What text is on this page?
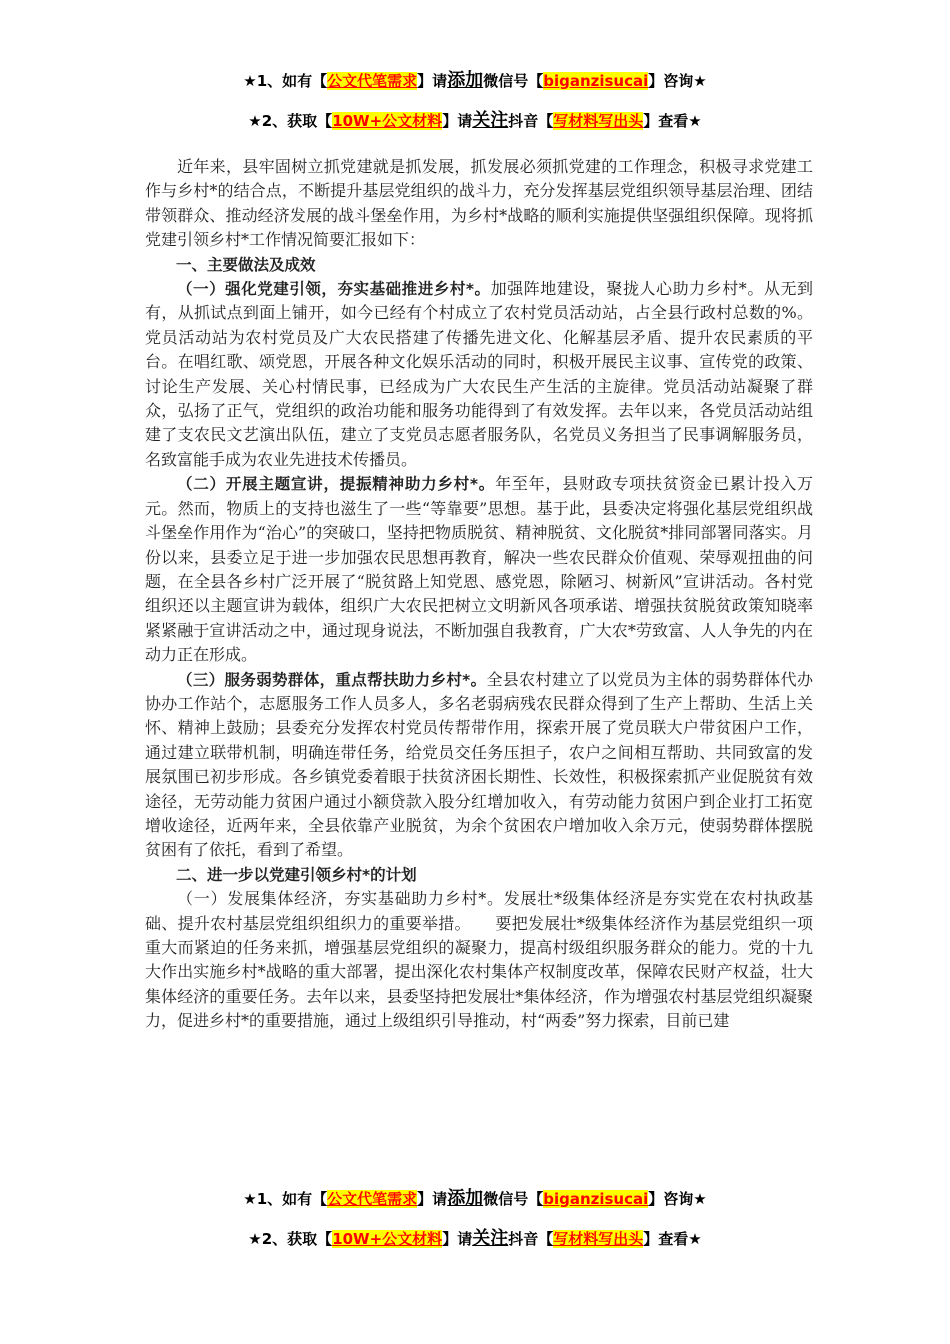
★1、如有【公文代笔需求】请添加微信号【biganzisucai】咨询★
★2、获取【10W+公文材料】请关注抖音【写材料写出头】查看★

近年来，县牢固树立抓党建就是抓发展，抓发展必须抓党建的工作理念，积极寻求党建工作与乡村*的结合点，不断提升基层党组织的战斗力，充分发挥基层党组织领导基层治理、团结带领群众、推动经济发展的战斗堡垒作用，为乡村*战略的顺利实施提供坚强组织保障。现将抓党建引领乡村*工作情况简要汇报如下：

一、主要做法及成效

（一）强化党建引领，夯实基础推进乡村*。加强阵地建设，聚拢人心助力乡村*。从无到有，从抓试点到面上铺开，如今已经有个村成立了农村党员活动站，占全县行政村总数的%。党员活动站为农村党员及广大农民搭建了传播先进文化、化解基层矛盾、提升农民素质的平台。在唱红歌、颂党恩，开展各种文化娱乐活动的同时，积极开展民主议事、宣传党的政策、讨论生产发展、关心村情民事，已经成为广大农民生产生活的主旋律。党员活动站凝聚了群众，弘扬了正气，党组织的政治功能和服务功能得到了有效发挥。去年以来，各党员活动站组建了支农民文艺演出队伍，建立了支党员志愿者服务队，名党员义务担当了民事调解服务员，名致富能手成为农业先进技术传播员。

（二）开展主题宣讲，提振精神助力乡村*。年至年，县财政专项扶贫资金已累计投入万元。然而，物质上的支持也滋生了一些“等靠要”思想。基于此，县委决定将强化基层党组织战斗堡垒作用作为“治心”的突破口，坚持把物质脱贫、精神脱贫、文化脱贫*排同部署同落实。月份以来，县委立足于进一步加强农民思想再教育，解决一些农民群众价值观、荣辱观扭曲的问题，在全县各乡村广泛开展了“脱贫路上知党恩、感党恩，除陋习、树新风”宣讲活动。各村党组织还以主题宣讲为载体，组织广大农民把树立文明新风各项承诺、增强扶贫脱贫政策知晓率紧紧融于宣讲活动之中，通过现身说法，不断加强自我教育，广大农*劳致富、人人争先的内在动力正在形成。

（三）服务弱势群体，重点帮扶助力乡村*。全县农村建立了以党员为主体的弱势群体代办协办工作站个，志愿服务工作人员多人，多名老弱病残农民群众得到了生产上帮助、生活上关怀、精神上鼓励；县委充分发挥农村党员传帮带作用，探索开展了党员联大户带贫困户工作，通过建立联带机制，明确连带任务，给党员交任务压担子，农户之间相互帮助、共同致富的发展氛围已初步形成。各乡镇党委着眼于扶贫济困长期性、长效性，积极探索抓产业促脱贫有效途径，无劳动能力贫困户通过小额贷款入股分红增加收入，有劳动能力贫困户到企业打工拓宽增收途径，近两年来，全县依靠产业脱贫，为余个贫困农户增加收入余万元，使弱势群体摆脱贫困有了依托，看到了希望。

二、进一步以党建引领乡村*的计划

（一）发展集体经济，夯实基础助力乡村*。发展壮*级集体经济是夯实党在农村执政基础、提升农村基层党组织组织力的重要举措。　　要把发展壮*级集体经济作为基层党组织一项重大而紧迫的任务来抓，增强基层党组织的凝聚力，提高村级组织服务群众的能力。党的十九大作出实施乡村*战略的重大部署，提出深化农村集体产权制度改革，保障农民财产权益，壮大集体经济的重要任务。去年以来，县委坚持把发展壮*集体经济，作为增强农村基层党组织凝聚力，促进乡村*的重要措施，通过上级组织引导推动，村“两委”努力探索，目前已建

★1、如有【公文代笔需求】请添加微信号【biganzisucai】咨询★
★2、获取【10W+公文材料】请关注抖音【写材料写出头】查看★
